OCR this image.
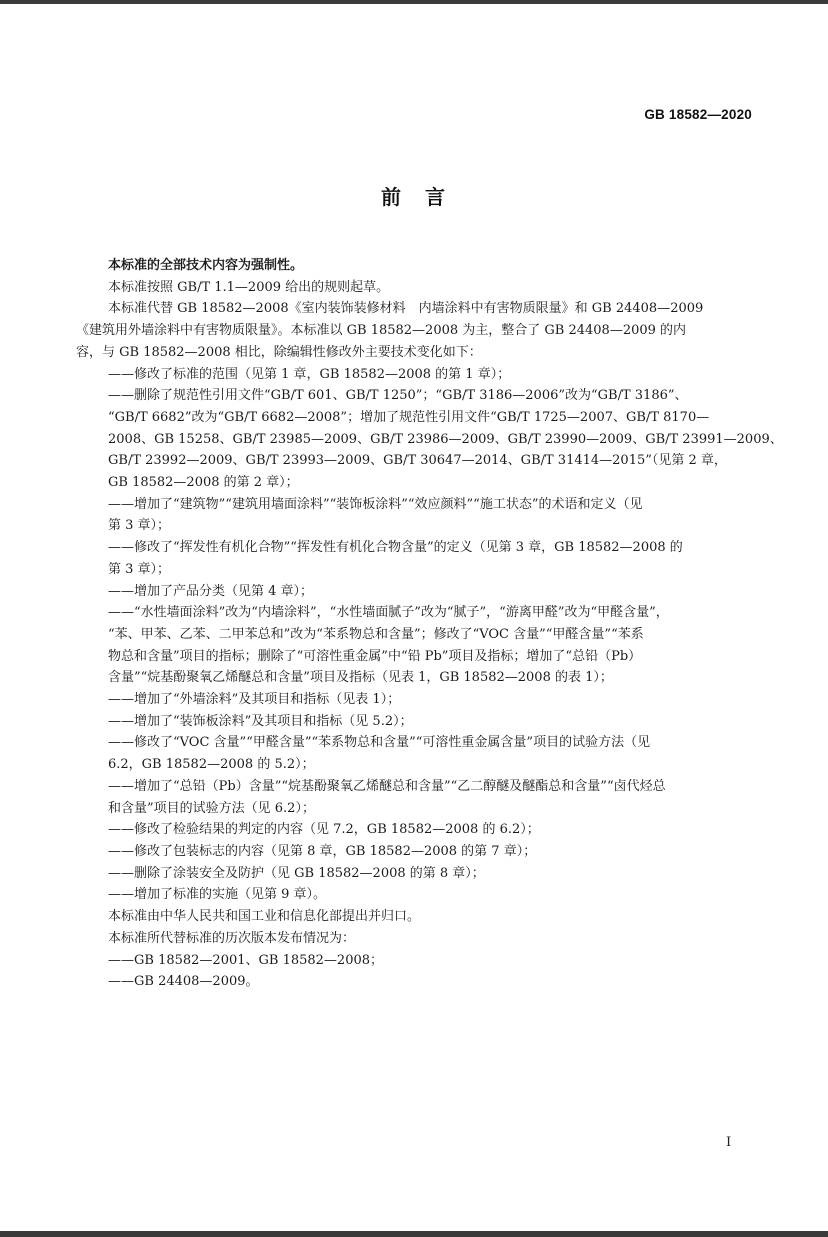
GB 18582—2020
前　言

本标准的全部技术内容为强制性。

本标准按照 GB/T 1.1—2009 给出的规则起草。

本标准代替 GB 18582—2008《室内装饰装修材料　内墙涂料中有害物质限量》和 GB 24408—2009

《建筑用外墙涂料中有害物质限量》。本标准以 GB 18582—2008 为主，整合了 GB 24408—2009 的内

容，与 GB 18582—2008 相比，除编辑性修改外主要技术变化如下：

——修改了标准的范围（见第 1 章，GB 18582—2008 的第 1 章）；
——删除了规范性引用文件“GB/T 601、GB/T 1250”；“GB/T 3186—2006”改为“GB/T 3186”、
“GB/T 6682”改为“GB/T 6682—2008”；增加了规范性引用文件“GB/T 1725—2007、GB/T 8170—
2008、GB 15258、GB/T 23985—2009、GB/T 23986—2009、GB/T 23990—2009、GB/T 23991—2009、
GB/T 23992—2009、GB/T 23993—2009、GB/T 30647—2014、GB/T 31414—2015”（见第 2 章，
GB 18582—2008 的第 2 章）；
——增加了“建筑物”“建筑用墙面涂料”“装饰板涂料”“效应颜料”“施工状态”的术语和定义（见
第 3 章）；
——修改了“挥发性有机化合物”“挥发性有机化合物含量”的定义（见第 3 章，GB 18582—2008 的
第 3 章）；
——增加了产品分类（见第 4 章）；
——“水性墙面涂料”改为“内墙涂料”，“水性墙面腻子”改为“腻子”，“游离甲醛”改为“甲醛含量”，
“苯、甲苯、乙苯、二甲苯总和”改为“苯系物总和含量”；修改了“VOC 含量”“甲醛含量”“苯系
物总和含量”项目的指标；删除了“可溶性重金属”中“铅 Pb”项目及指标；增加了“总铅（Pb）
含量”“烷基酚聚氧乙烯醚总和含量”项目及指标（见表 1，GB 18582—2008 的表 1）；
——增加了“外墙涂料”及其项目和指标（见表 1）；
——增加了“装饰板涂料”及其项目和指标（见 5.2）；
——修改了“VOC 含量”“甲醛含量”“苯系物总和含量”“可溶性重金属含量”项目的试验方法（见
6.2，GB 18582—2008 的 5.2）；
——增加了“总铅（Pb）含量”“烷基酚聚氧乙烯醚总和含量”“乙二醇醚及醚酯总和含量”“卤代烃总
和含量”项目的试验方法（见 6.2）；
——修改了检验结果的判定的内容（见 7.2，GB 18582—2008 的 6.2）；
——修改了包装标志的内容（见第 8 章，GB 18582—2008 的第 7 章）；
——删除了涂装安全及防护（见 GB 18582—2008 的第 8 章）；
——增加了标准的实施（见第 9 章）。

本标准由中华人民共和国工业和信息化部提出并归口。

本标准所代替标准的历次版本发布情况为：

——GB 18582—2001、GB 18582—2008；

——GB 24408—2009。

I
